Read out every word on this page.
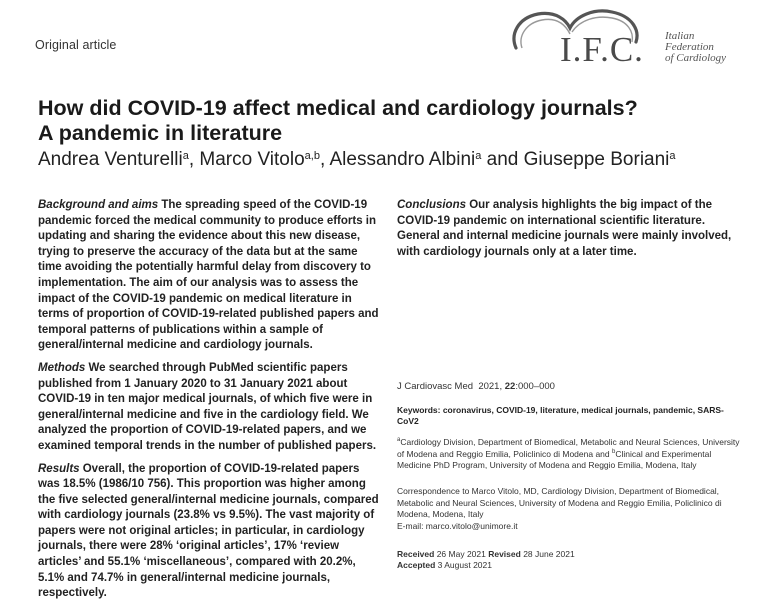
Original article	I.F.C. Italian
Federation
of Cardiology
How did COVID-19 affect medical and cardiology journals?
A pandemic in literature
Andrea Venturelli$^a$, Marco Vitolo$^{a,b}$, Alessandro Albini$^a$ and Giuseppe Boriani$^a$

Background and aims The spreading speed of the COVID-19 pandemic forced the medical community to produce efforts in updating and sharing the evidence about this new disease, trying to preserve the accuracy of the data but at the same time avoiding the potentially harmful delay from discovery to implementation. The aim of our analysis was to assess the impact of the COVID-19 pandemic on medical literature in terms of proportion of COVID-19-related published papers and temporal patterns of publications within a sample of general/internal medicine and cardiology journals.

Methods We searched through PubMed scientific papers published from 1 January 2020 to 31 January 2021 about COVID-19 in ten major medical journals, of which five were in general/internal medicine and five in the cardiology field. We analyzed the proportion of COVID-19-related papers, and we examined temporal trends in the number of published papers.

Results Overall, the proportion of COVID-19-related papers was 18.5% (1986/10 756). This proportion was higher among the five selected general/internal medicine journals, compared with cardiology journals (23.8% vs 9.5%). The vast majority of papers were not original articles; in particular, in cardiology journals, there were 28% ‘original articles’, 17% ‘review articles’ and 55.1% ‘miscellaneous’, compared with 20.2%, 5.1% and 74.7% in general/internal medicine journals, respectively.

Conclusions Our analysis highlights the big impact of the COVID-19 pandemic on international scientific literature. General and internal medicine journals were mainly involved, with cardiology journals only at a later time.

J Cardiovasc Med 2021, 22:000–000
Keywords: coronavirus, COVID-19, literature, medical journals, pandemic, SARS-CoV2
$^a$Cardiology Division, Department of Biomedical, Metabolic and Neural Sciences, University of Modena and Reggio Emilia, Policlinico di Modena and $^b$Clinical and Experimental Medicine PhD Program, University of Modena and Reggio Emilia, Modena, Italy
Correspondence to Marco Vitolo, MD, Cardiology Division, Department of Biomedical, Metabolic and Neural Sciences, University of Modena and Reggio Emilia, Policlinico di Modena, Modena, Italy
E-mail: marco.vitolo@unimore.it
Received 26 May 2021 Revised 28 June 2021
Accepted 3 August 2021
